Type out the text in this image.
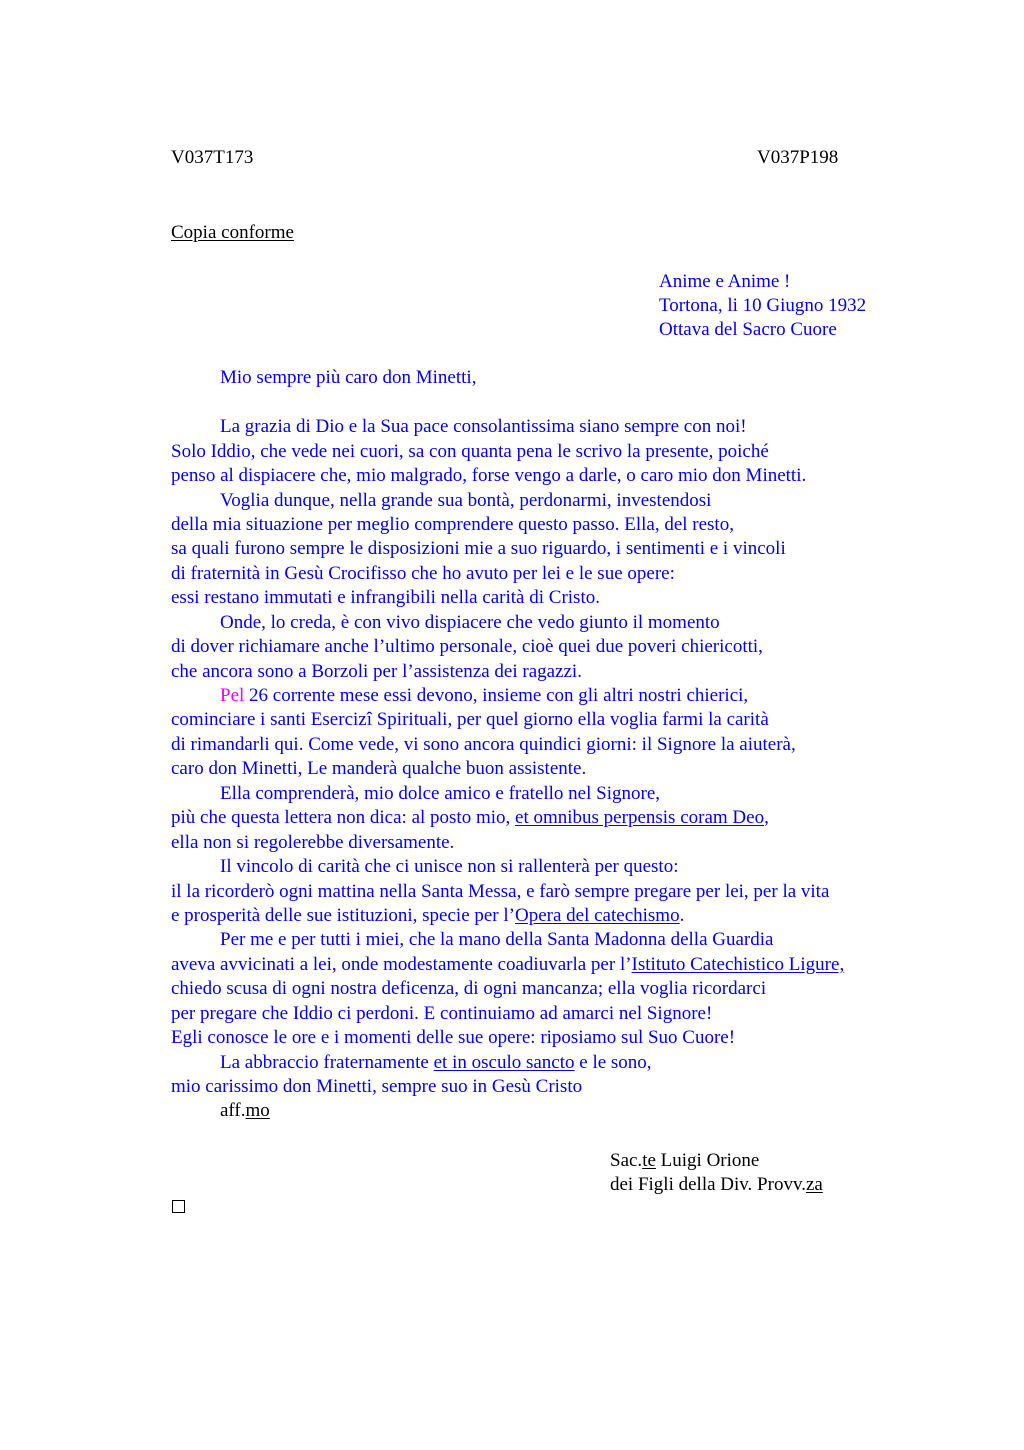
V037T173	V037P198
Copia conforme
Anime e Anime !
Tortona, li 10 Giugno 1932
Ottava del Sacro Cuore
Mio sempre più caro don Minetti,
La grazia di Dio e la Sua pace consolantissima siano sempre con noi!
Solo Iddio, che vede nei cuori, sa con quanta pena le scrivo la presente, poiché
penso al dispiacere che, mio malgrado, forse vengo a darle, o caro mio don Minetti.
Voglia dunque, nella grande sua bontà, perdonarmi, investendosi
della mia situazione per meglio comprendere questo passo. Ella, del resto,
sa quali furono sempre le disposizioni mie a suo riguardo, i sentimenti e i vincoli
di fraternità in Gesù Crocifisso che ho avuto per lei e le sue opere:
essi restano immutati e infrangibili nella carità di Cristo.
Onde, lo creda, è con vivo dispiacere che vedo giunto il momento
di dover richiamare anche l’ultimo personale, cioè quei due poveri chiericotti,
che ancora sono a Borzoli per l’assistenza dei ragazzi.
Pel 26 corrente mese essi devono, insieme con gli altri nostri chierici,
cominciare i santi Esercizî Spirituali, per quel giorno ella voglia farmi la carità
di rimandarli qui. Come vede, vi sono ancora quindici giorni: il Signore la aiuterà,
caro don Minetti, Le manderà qualche buon assistente.
Ella comprenderà, mio dolce amico e fratello nel Signore,
più che questa lettera non dica: al posto mio, et omnibus perpensis coram Deo,
ella non si regolerebbe diversamente.
Il vincolo di carità che ci unisce non si rallenterà per questo:
il la ricorderò ogni mattina nella Santa Messa, e farò sempre pregare per lei, per la vita
e prosperità delle sue istituzioni, specie per l’Opera del catechismo.
Per me e per tutti i miei, che la mano della Santa Madonna della Guardia
aveva avvicinati a lei, onde modestamente coadiuvarla per l’Istituto Catechistico Ligure,
chiedo scusa di ogni nostra deficenza, di ogni mancanza; ella voglia ricordarci
per pregare che Iddio ci perdoni. E continuiamo ad amarci nel Signore!
Egli conosce le ore e i momenti delle sue opere: riposiamo sul Suo Cuore!
La abbraccio fraternamente et in osculo sancto e le sono,
mio carissimo don Minetti, sempre suo in Gesù Cristo
aff.mo
Sac.te Luigi Orione
dei Figli della Div. Provv.za
